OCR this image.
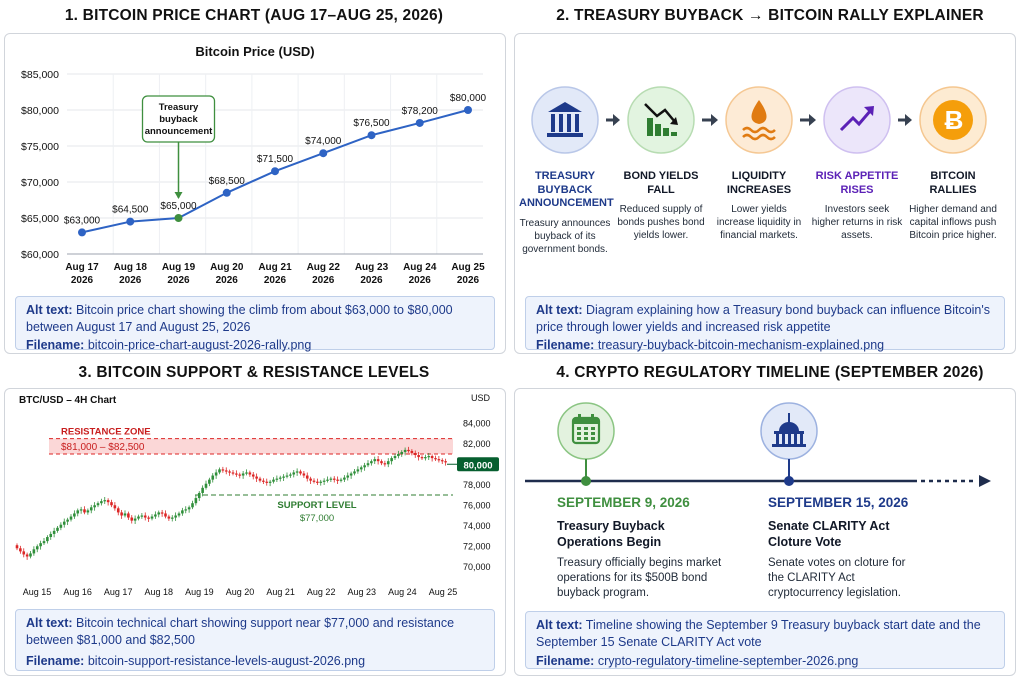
1. BITCOIN PRICE CHART (AUG 17–AUG 25, 2026)
Bitcoin Price (USD)
$60,000
$65,000
$70,000
$75,000
$80,000
$85,000
$63,000
Aug 17
2026
$64,500
Aug 18
2026
$65,000
Aug 19
2026
$68,500
Aug 20
2026
$71,500
Aug 21
2026
$74,000
Aug 22
2026
$76,500
Aug 23
2026
$78,200
Aug 24
2026
$80,000
Aug 25
2026
Treasury
buyback
announcement
Alt text: Bitcoin price chart showing the climb from about $63,000 to $80,000 between August 17 and August 25, 2026
Filename: bitcoin-price-chart-august-2026-rally.png
2. TREASURY BUYBACK → BITCOIN RALLY EXPLAINER
Ƀ
TREASURY BUYBACK ANNOUNCEMENT
Treasury announces buyback of its government bonds.
BOND YIELDS FALL
Reduced supply of bonds pushes bond yields lower.
LIQUIDITY INCREASES
Lower yields increase liquidity in financial markets.
RISK APPETITE RISES
Investors seek higher returns in risk assets.
BITCOIN RALLIES
Higher demand and capital inflows push Bitcoin price higher.
Alt text: Diagram explaining how a Treasury bond buyback can influence Bitcoin's price through lower yields and increased risk appetite
Filename: treasury-buyback-bitcoin-mechanism-explained.png
3. BITCOIN SUPPORT & RESISTANCE LEVELS
BTC/USD – 4H Chart	USD
84,000
82,000
78,000
76,000
74,000
72,000
70,000
RESISTANCE ZONE
$81,000 – $82,500
SUPPORT LEVEL
$77,000
80,000
Aug 15 Aug 16 Aug 17 Aug 18 Aug 19 Aug 20 Aug 21 Aug 22 Aug 23 Aug 24 Aug 25
Alt text: Bitcoin technical chart showing support near $77,000 and resistance between $81,000 and $82,500
Filename: bitcoin-support-resistance-levels-august-2026.png
4. CRYPTO REGULATORY TIMELINE (SEPTEMBER 2026)
SEPTEMBER 9, 2026
Treasury Buyback Operations Begin
Treasury officially begins market operations for its $500B bond buyback program.
SEPTEMBER 15, 2026
Senate CLARITY Act Cloture Vote
Senate votes on cloture for the CLARITY Act cryptocurrency legislation.
Alt text: Timeline showing the September 9 Treasury buyback start date and the September 15 Senate CLARITY Act vote
Filename: crypto-regulatory-timeline-september-2026.png
